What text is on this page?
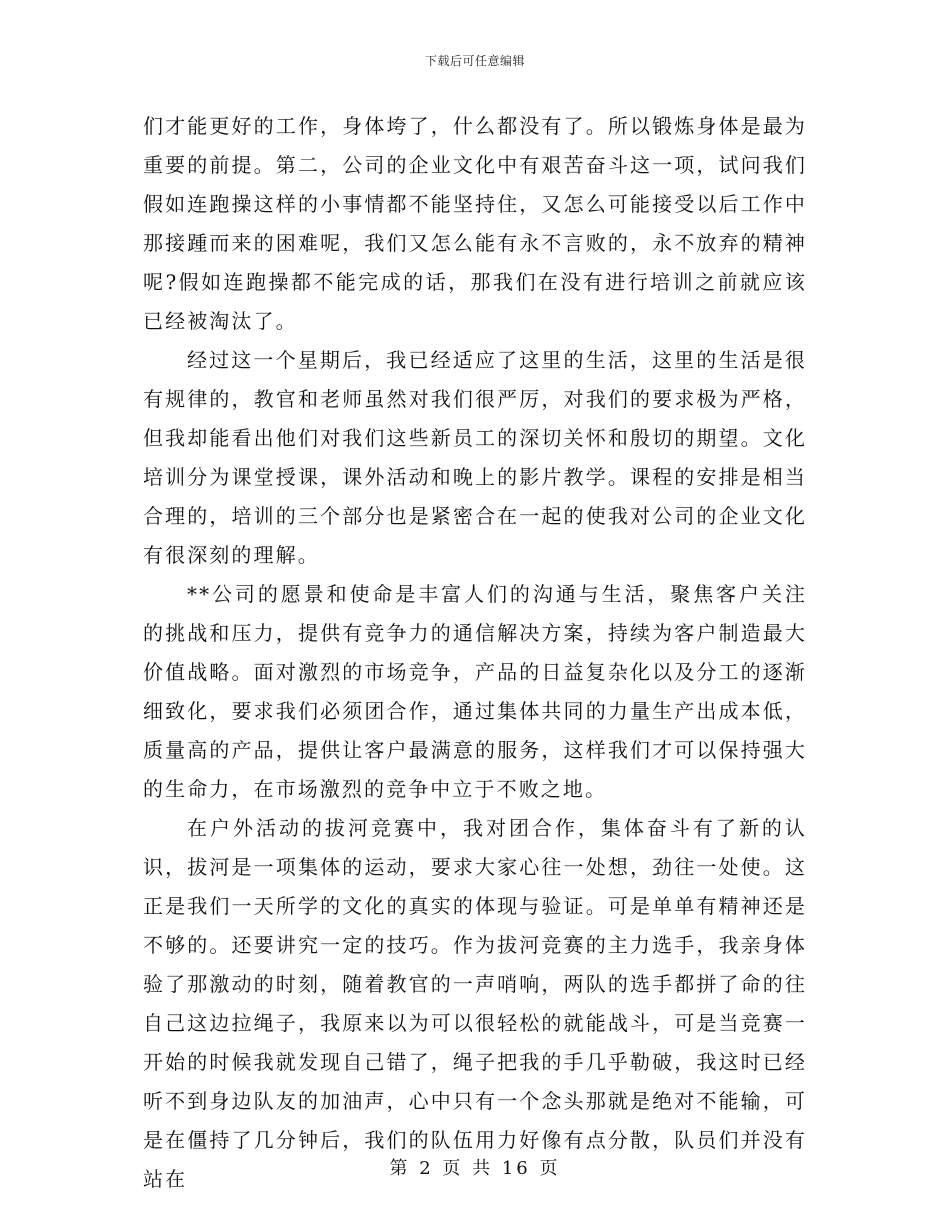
下载后可任意编辑

们才能更好的工作，身体垮了，什么都没有了。所以锻炼身体是最为重要的前提。第二，公司的企业文化中有艰苦奋斗这一项，试问我们假如连跑操这样的小事情都不能坚持住，又怎么可能接受以后工作中那接踵而来的困难呢，我们又怎么能有永不言败的，永不放弃的精神呢?假如连跑操都不能完成的话，那我们在没有进行培训之前就应该已经被淘汰了。

经过这一个星期后，我已经适应了这里的生活，这里的生活是很有规律的，教官和老师虽然对我们很严厉，对我们的要求极为严格，但我却能看出他们对我们这些新员工的深切关怀和殷切的期望。文化培训分为课堂授课，课外活动和晚上的影片教学。课程的安排是相当合理的，培训的三个部分也是紧密合在一起的使我对公司的企业文化有很深刻的理解。

**公司的愿景和使命是丰富人们的沟通与生活，聚焦客户关注的挑战和压力，提供有竞争力的通信解决方案，持续为客户制造最大价值战略。面对激烈的市场竞争，产品的日益复杂化以及分工的逐渐细致化，要求我们必须团合作，通过集体共同的力量生产出成本低，质量高的产品，提供让客户最满意的服务，这样我们才可以保持强大的生命力，在市场激烈的竞争中立于不败之地。

在户外活动的拔河竞赛中，我对团合作，集体奋斗有了新的认识，拔河是一项集体的运动，要求大家心往一处想，劲往一处使。这正是我们一天所学的文化的真实的体现与验证。可是单单有精神还是不够的。还要讲究一定的技巧。作为拔河竞赛的主力选手，我亲身体验了那激动的时刻，随着教官的一声哨响，两队的选手都拼了命的往自己这边拉绳子，我原来以为可以很轻松的就能战斗，可是当竞赛一开始的时候我就发现自己错了，绳子把我的手几乎勒破，我这时已经听不到身边队友的加油声，心中只有一个念头那就是绝对不能输，可是在僵持了几分钟后，我们的队伍用力好像有点分散，队员们并没有站在	第 2 页 共 16 页
